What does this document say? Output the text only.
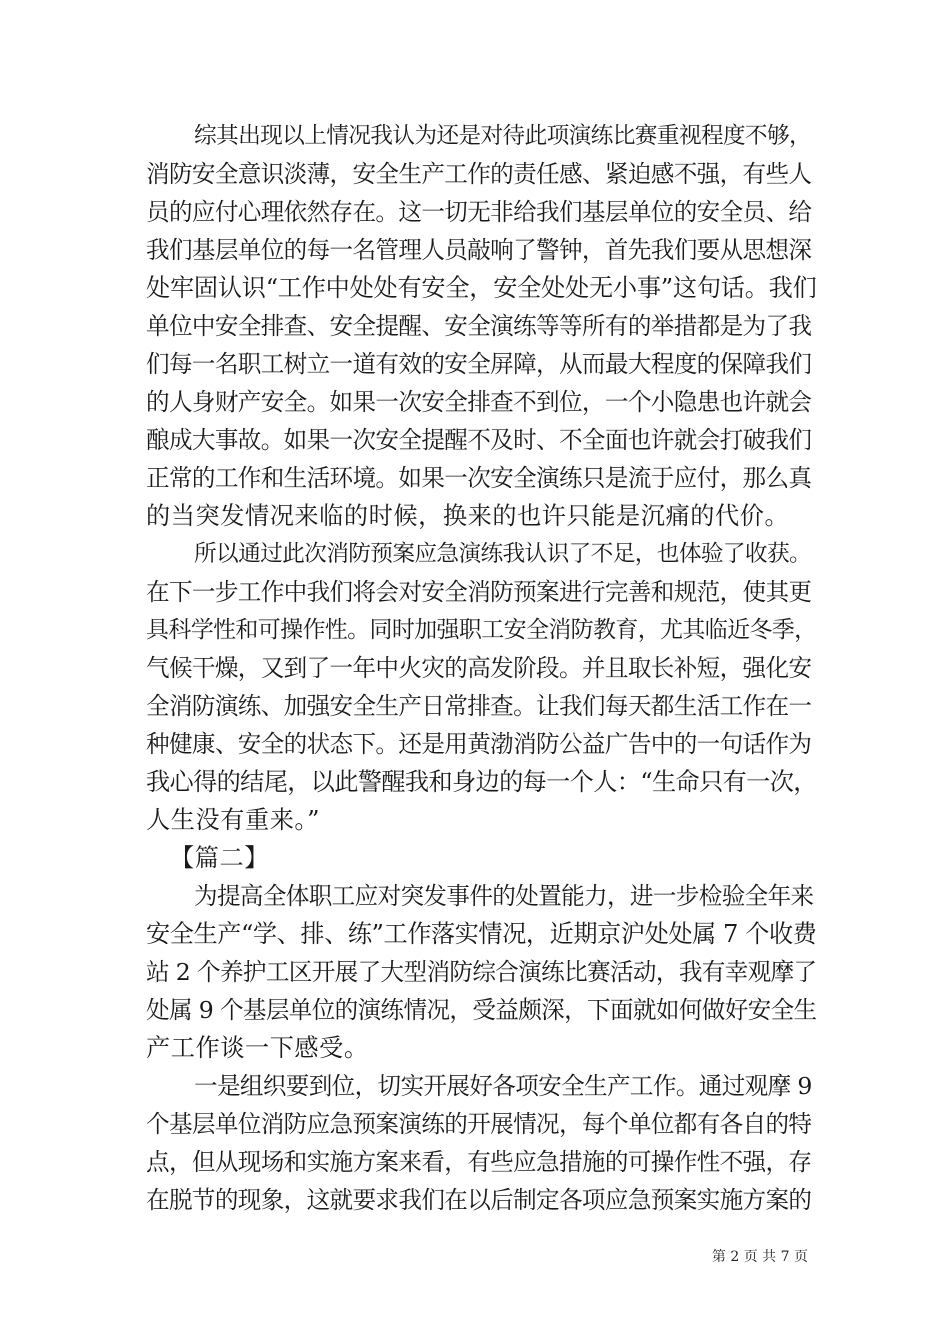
综其出现以上情况我认为还是对待此项演练比赛重视程度不够，
消防安全意识淡薄，安全生产工作的责任感、紧迫感不强，有些人
员的应付心理依然存在。这一切无非给我们基层单位的安全员、给
我们基层单位的每一名管理人员敲响了警钟，首先我们要从思想深
处牢固认识“工作中处处有安全，安全处处无小事”这句话。我们
单位中安全排查、安全提醒、安全演练等等所有的举措都是为了我
们每一名职工树立一道有效的安全屏障，从而最大程度的保障我们
的人身财产安全。如果一次安全排查不到位，一个小隐患也许就会
酿成大事故。如果一次安全提醒不及时、不全面也许就会打破我们
正常的工作和生活环境。如果一次安全演练只是流于应付，那么真
的当突发情况来临的时候，换来的也许只能是沉痛的代价。
所以通过此次消防预案应急演练我认识了不足，也体验了收获。
在下一步工作中我们将会对安全消防预案进行完善和规范，使其更
具科学性和可操作性。同时加强职工安全消防教育，尤其临近冬季，
气候干燥，又到了一年中火灾的高发阶段。并且取长补短，强化安
全消防演练、加强安全生产日常排查。让我们每天都生活工作在一
种健康、安全的状态下。还是用黄渤消防公益广告中的一句话作为
我心得的结尾，以此警醒我和身边的每一个人：“生命只有一次，
人生没有重来。”
【篇二】
为提高全体职工应对突发事件的处置能力，进一步检验全年来
安全生产“学、排、练”工作落实情况，近期京沪处处属 7 个收费
站 2 个养护工区开展了大型消防综合演练比赛活动，我有幸观摩了
处属 9 个基层单位的演练情况，受益颇深，下面就如何做好安全生
产工作谈一下感受。
一是组织要到位，切实开展好各项安全生产工作。通过观摩 9
个基层单位消防应急预案演练的开展情况，每个单位都有各自的特
点，但从现场和实施方案来看，有些应急措施的可操作性不强，存
在脱节的现象，这就要求我们在以后制定各项应急预案实施方案的
第 2 页 共 7 页
